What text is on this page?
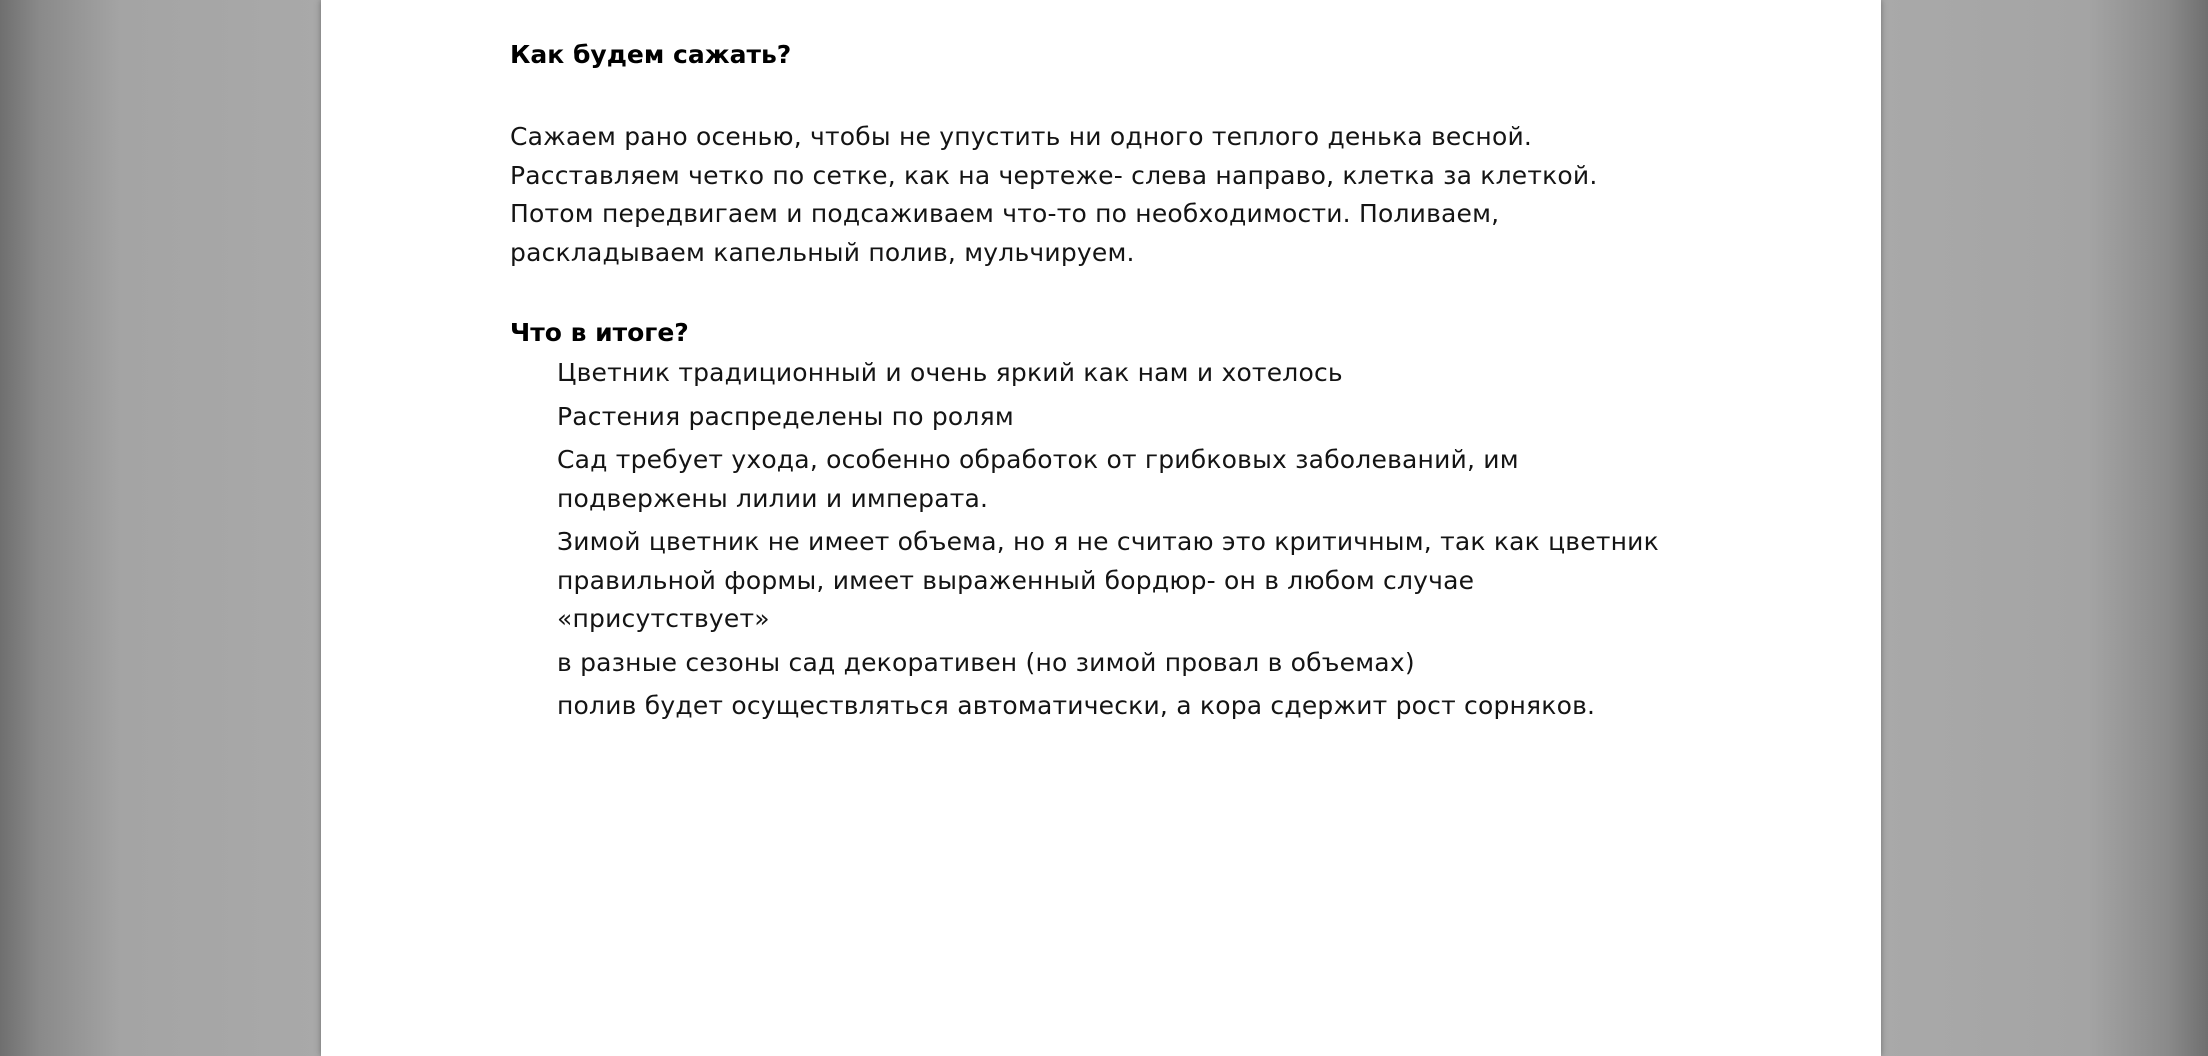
Как будем сажать?

Сажаем рано осенью, чтобы не упустить ни одного теплого денька весной.
Расставляем четко по сетке, как на чертеже- слева направо, клетка за клеткой.
Потом передвигаем и подсаживаем что-то по необходимости. Поливаем,
раскладываем капельный полив, мульчируем.

Что в итоге?
Цветник традиционный и очень яркий как нам и хотелось
Растения распределены по ролям
Сад требует ухода, особенно обработок от грибковых заболеваний, им
подвержены лилии и императа.
Зимой цветник не имеет объема, но я не считаю это критичным, так как цветник
правильной формы, имеет выраженный бордюр- он в любом случае
«присутствует»
в разные сезоны сад декоративен (но зимой провал в объемах)
полив будет осуществляться автоматически, а кора сдержит рост сорняков.
